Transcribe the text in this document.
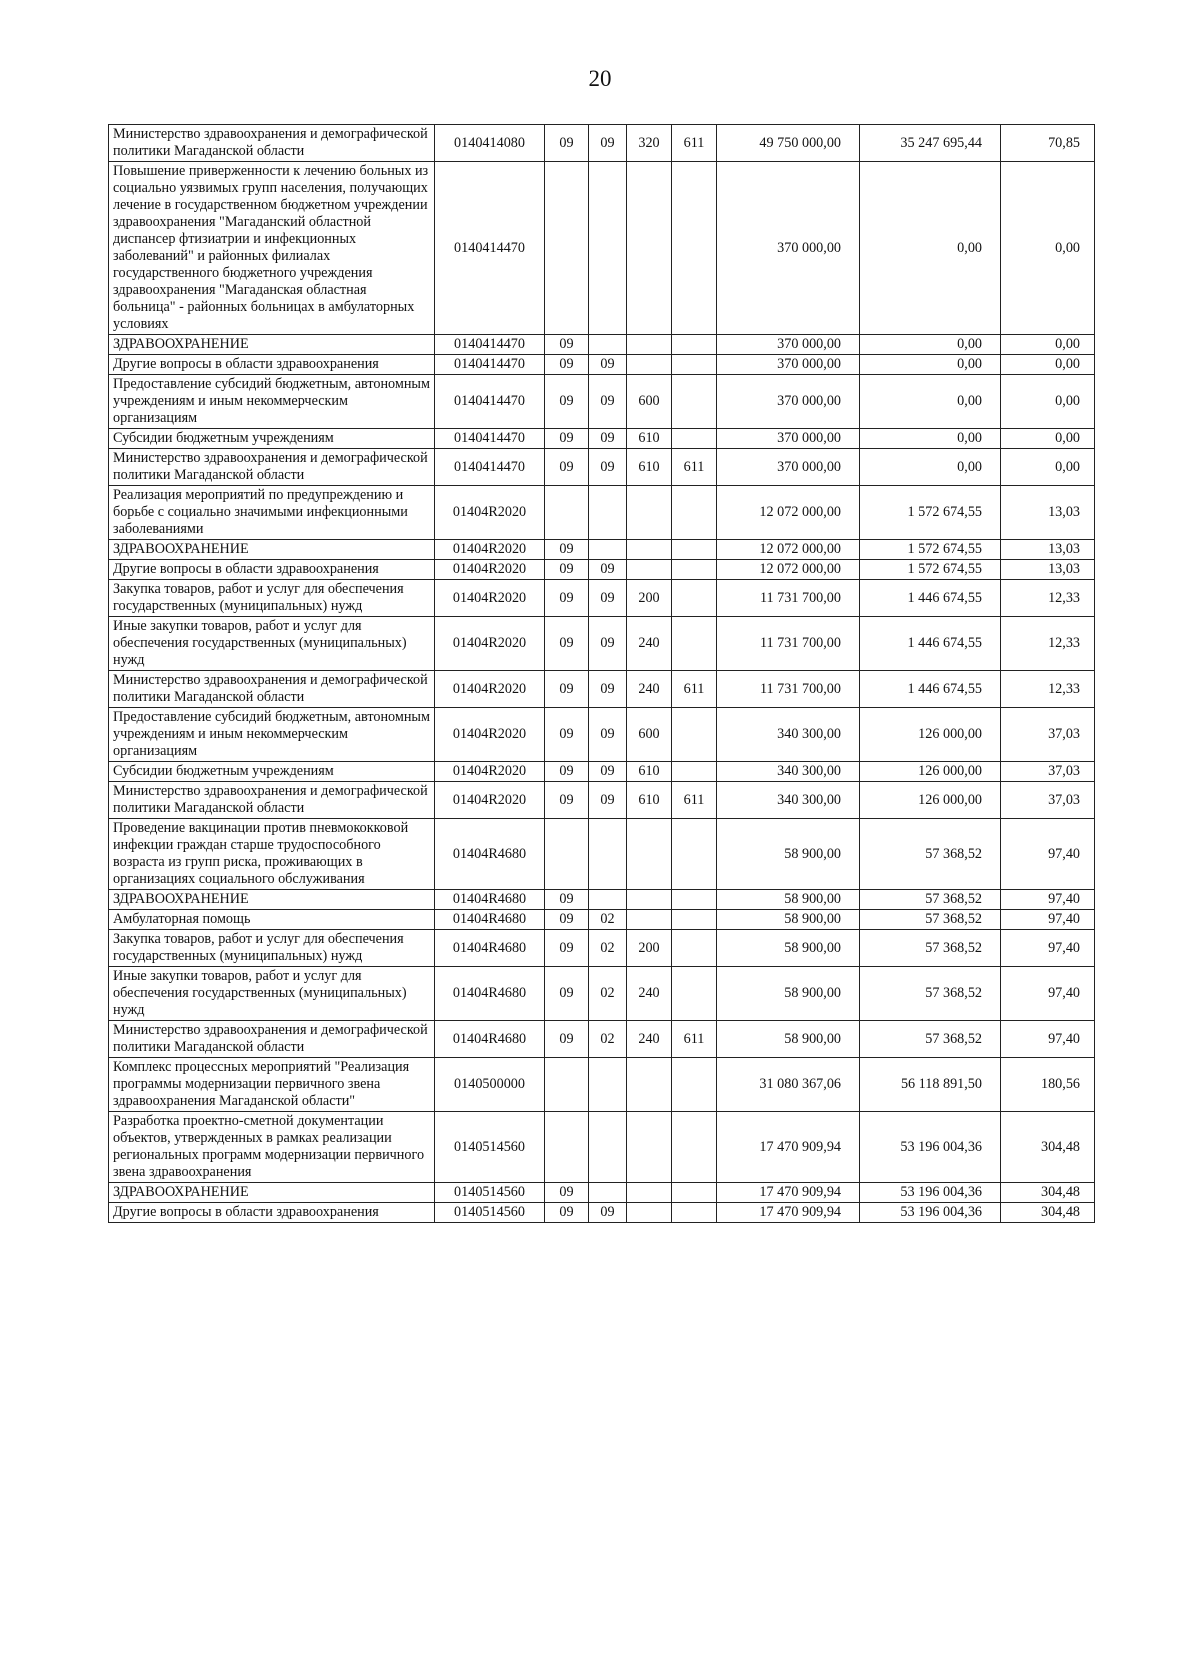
20
Министерство здравоохранения и демографической политики Магаданской области	0140414080	09	09	320	611	49 750 000,00	35 247 695,44	70,85
Повышение приверженности к лечению больных из социально уязвимых групп населения, получающих лечение в государственном бюджетном учреждении здравоохранения "Магаданский областной диспансер фтизиатрии и инфекционных заболеваний" и районных филиалах государственного бюджетного учреждения здравоохранения "Магаданская областная больница" - районных больницах в амбулаторных условиях	0140414470					370 000,00	0,00	0,00
ЗДРАВООХРАНЕНИЕ	0140414470	09				370 000,00	0,00	0,00
Другие вопросы в области здравоохранения	0140414470	09	09			370 000,00	0,00	0,00
Предоставление субсидий бюджетным, автономным учреждениям и иным некоммерческим организациям	0140414470	09	09	600		370 000,00	0,00	0,00
Субсидии бюджетным учреждениям	0140414470	09	09	610		370 000,00	0,00	0,00
Министерство здравоохранения и демографической политики Магаданской области	0140414470	09	09	610	611	370 000,00	0,00	0,00
Реализация мероприятий по предупреждению и борьбе с социально значимыми инфекционными заболеваниями	01404R2020					12 072 000,00	1 572 674,55	13,03
ЗДРАВООХРАНЕНИЕ	01404R2020	09				12 072 000,00	1 572 674,55	13,03
Другие вопросы в области здравоохранения	01404R2020	09	09			12 072 000,00	1 572 674,55	13,03
Закупка товаров, работ и услуг для обеспечения государственных (муниципальных) нужд	01404R2020	09	09	200		11 731 700,00	1 446 674,55	12,33
Иные закупки товаров, работ и услуг для обеспечения государственных (муниципальных) нужд	01404R2020	09	09	240		11 731 700,00	1 446 674,55	12,33
Министерство здравоохранения и демографической политики Магаданской области	01404R2020	09	09	240	611	11 731 700,00	1 446 674,55	12,33
Предоставление субсидий бюджетным, автономным учреждениям и иным некоммерческим организациям	01404R2020	09	09	600		340 300,00	126 000,00	37,03
Субсидии бюджетным учреждениям	01404R2020	09	09	610		340 300,00	126 000,00	37,03
Министерство здравоохранения и демографической политики Магаданской области	01404R2020	09	09	610	611	340 300,00	126 000,00	37,03
Проведение вакцинации против пневмококковой инфекции граждан старше трудоспособного возраста из групп риска, проживающих в организациях социального обслуживания	01404R4680					58 900,00	57 368,52	97,40
ЗДРАВООХРАНЕНИЕ	01404R4680	09				58 900,00	57 368,52	97,40
Амбулаторная помощь	01404R4680	09	02			58 900,00	57 368,52	97,40
Закупка товаров, работ и услуг для обеспечения государственных (муниципальных) нужд	01404R4680	09	02	200		58 900,00	57 368,52	97,40
Иные закупки товаров, работ и услуг для обеспечения государственных (муниципальных) нужд	01404R4680	09	02	240		58 900,00	57 368,52	97,40
Министерство здравоохранения и демографической политики Магаданской области	01404R4680	09	02	240	611	58 900,00	57 368,52	97,40
Комплекс процессных мероприятий "Реализация программы модернизации первичного звена здравоохранения Магаданской области"	0140500000					31 080 367,06	56 118 891,50	180,56
Разработка проектно-сметной документации объектов, утвержденных в рамках реализации региональных программ модернизации первичного звена здравоохранения	0140514560					17 470 909,94	53 196 004,36	304,48
ЗДРАВООХРАНЕНИЕ	0140514560	09				17 470 909,94	53 196 004,36	304,48
Другие вопросы в области здравоохранения	0140514560	09	09			17 470 909,94	53 196 004,36	304,48
